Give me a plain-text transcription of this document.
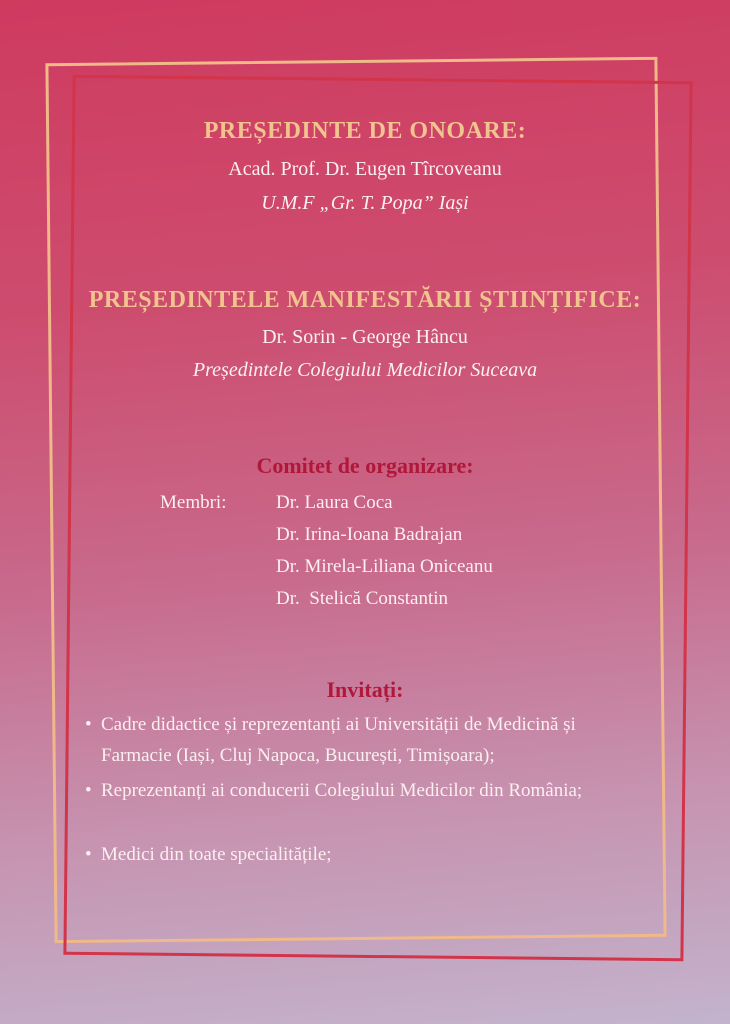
PREȘEDINTE DE ONOARE:
Acad. Prof. Dr. Eugen Tîrcoveanu
U.M.F „Gr. T. Popa” Iași
PREȘEDINTELE MANIFESTĂRII ȘTIINȚIFICE:
Dr. Sorin - George Hâncu
Președintele Colegiului Medicilor Suceava
Comitet de organizare:
Membri:	Dr. Laura Coca
Dr. Irina-Ioana Badrajan
Dr. Mirela-Liliana Oniceanu
Dr.  Stelică Constantin
Invitați:
• Cadre didactice și reprezentanți ai Universității de Medicină și Farmacie (Iași, Cluj Napoca, București, Timișoara);
• Reprezentanți ai conducerii Colegiului Medicilor din România;
• Medici din toate specialitățile;
